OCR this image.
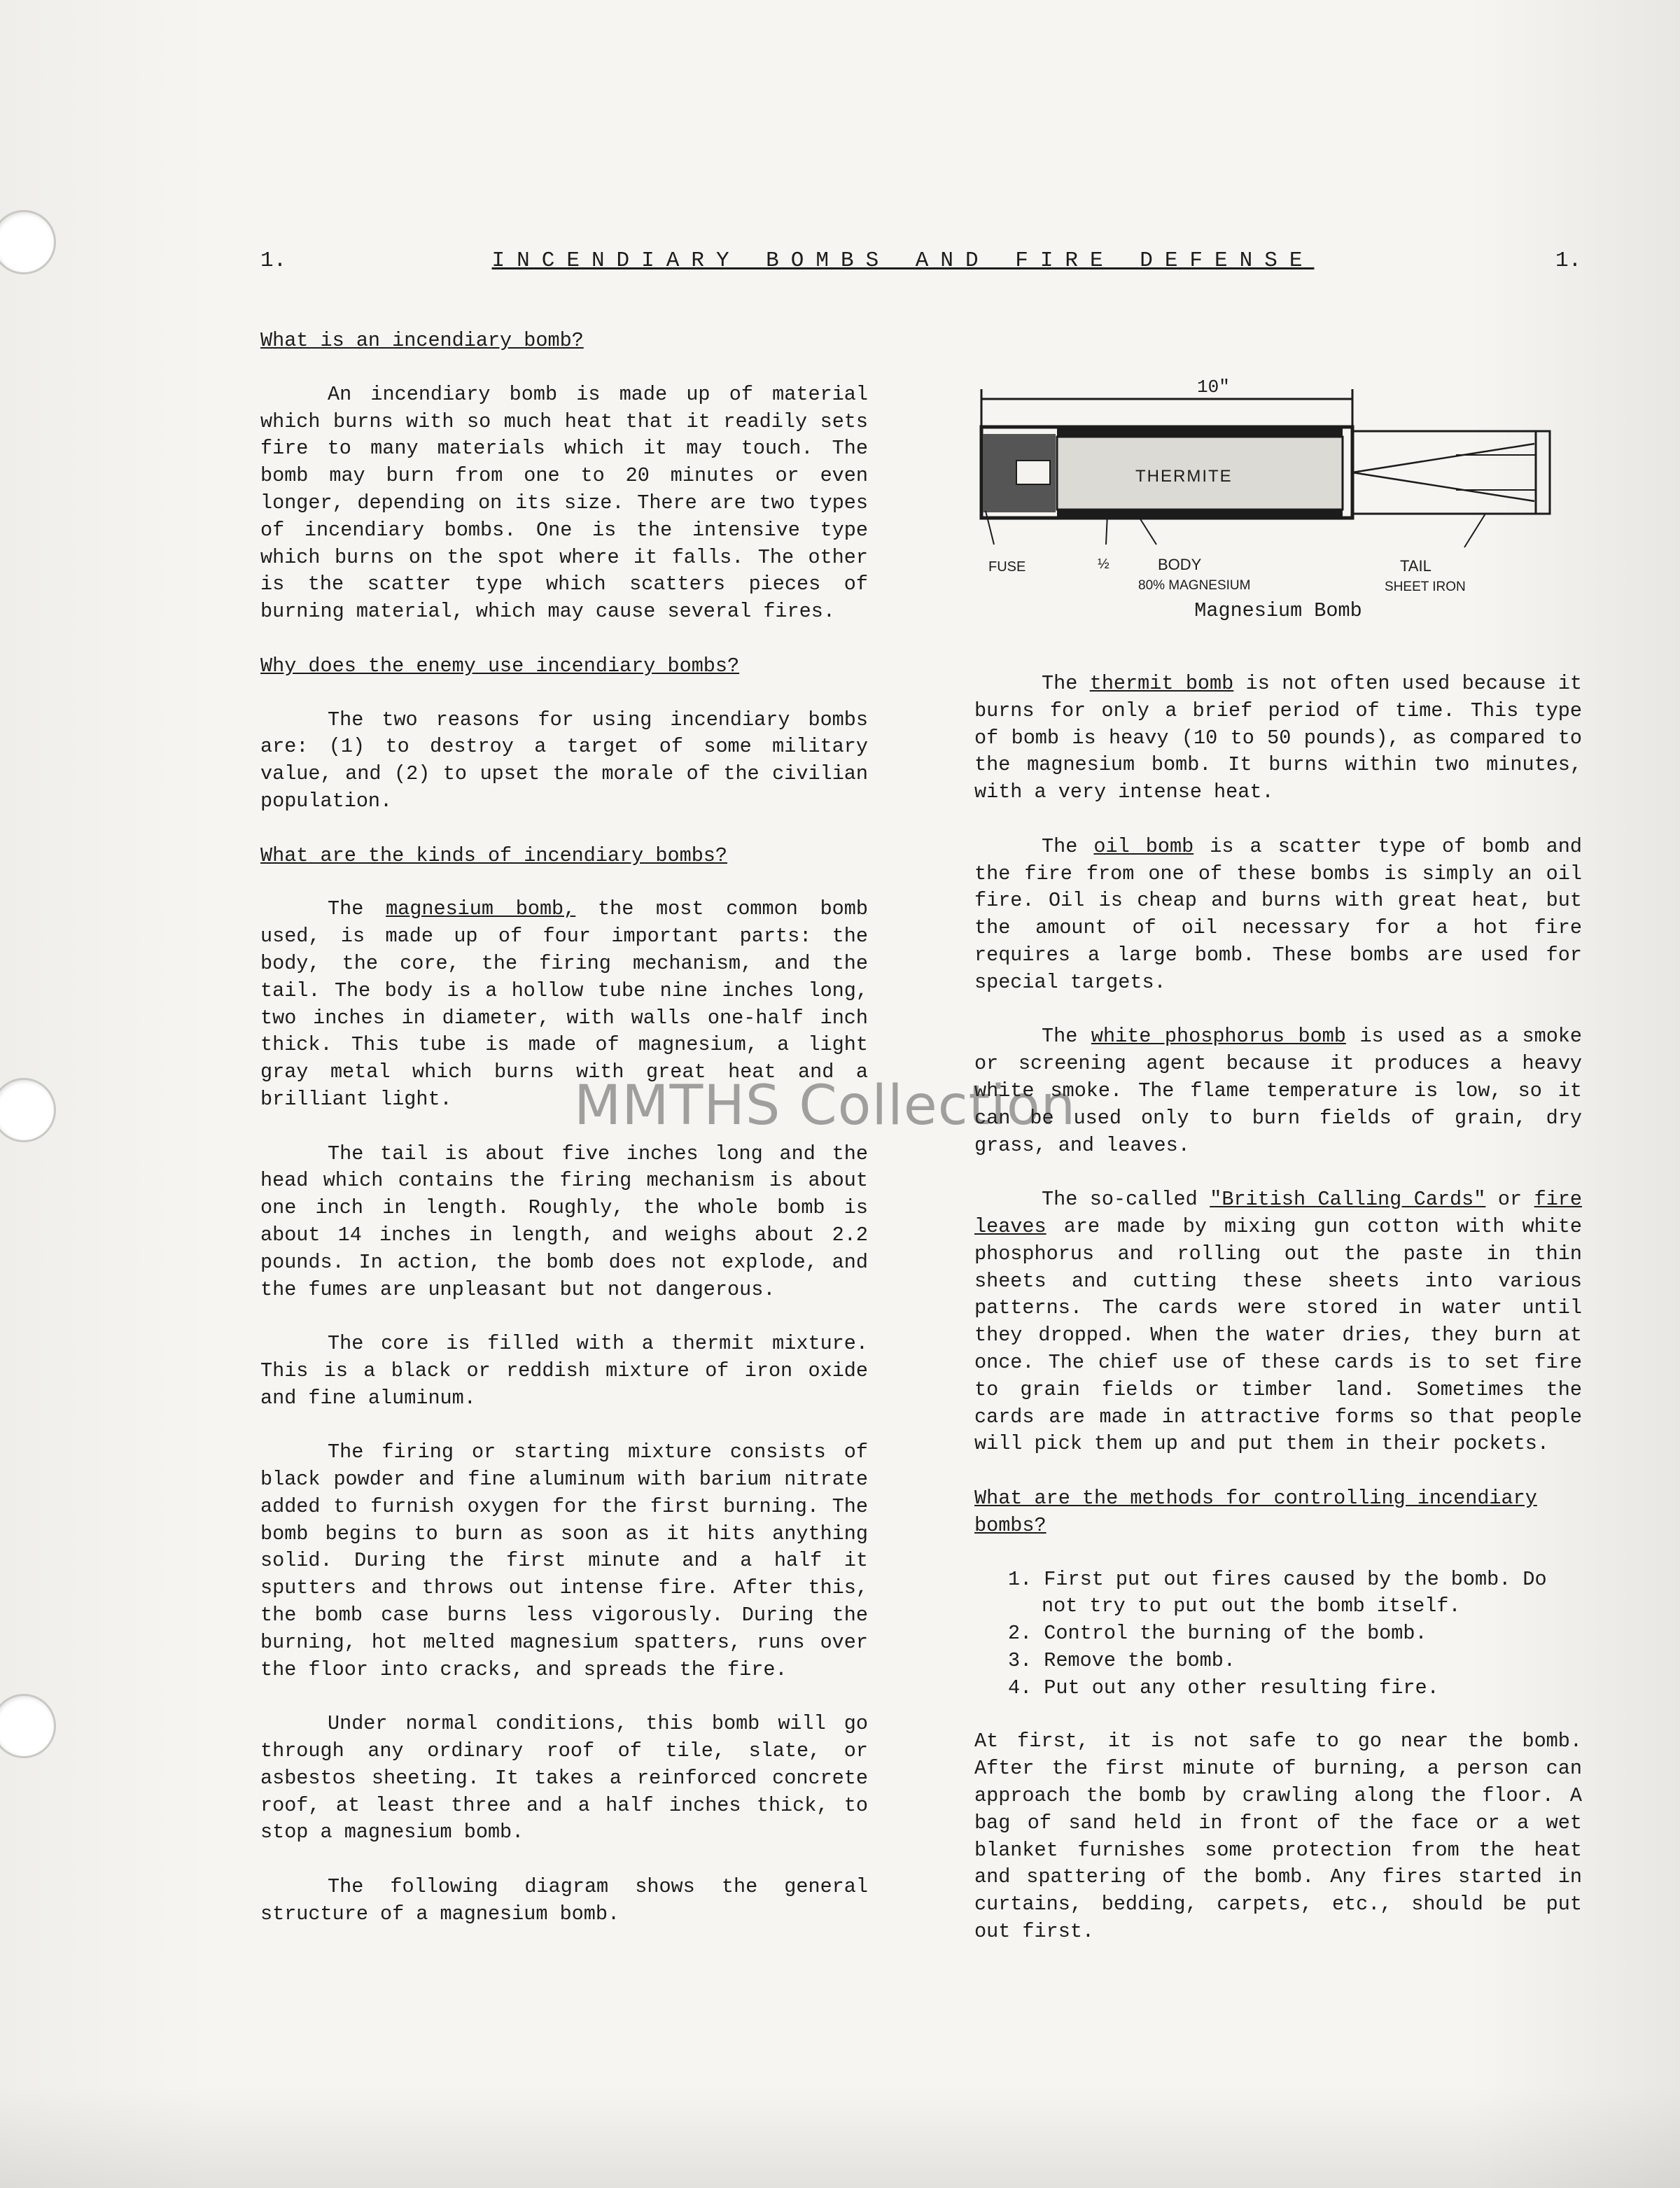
1.	INCENDIARY BOMBS AND FIRE DEFENSE	1.
What is an incendiary bomb?
An incendiary bomb is made up of material which burns with so much heat that it readily sets fire to many materials which it may touch. The bomb may burn from one to 20 minutes or even longer, depending on its size. There are two types of incendiary bombs. One is the intensive type which burns on the spot where it falls. The other is the scatter type which scatters pieces of burning material, which may cause several fires.
Why does the enemy use incendiary bombs?
The two reasons for using incendiary bombs are: (1) to destroy a target of some military value, and (2) to upset the morale of the civilian population.
What are the kinds of incendiary bombs?
The magnesium bomb, the most common bomb used, is made up of four important parts: the body, the core, the firing mechanism, and the tail. The body is a hollow tube nine inches long, two inches in diameter, with walls one-half inch thick. This tube is made of magnesium, a light gray metal which burns with great heat and a brilliant light.
The tail is about five inches long and the head which contains the firing mechanism is about one inch in length. Roughly, the whole bomb is about 14 inches in length, and weighs about 2.2 pounds. In action, the bomb does not explode, and the fumes are unpleasant but not dangerous.
The core is filled with a thermit mixture. This is a black or reddish mixture of iron oxide and fine aluminum.
The firing or starting mixture consists of black powder and fine aluminum with barium nitrate added to furnish oxygen for the first burning. The bomb begins to burn as soon as it hits anything solid. During the first minute and a half it sputters and throws out intense fire. After this, the bomb case burns less vigorously. During the burning, hot melted magnesium spatters, runs over the floor into cracks, and spreads the fire.
Under normal conditions, this bomb will go through any ordinary roof of tile, slate, or asbestos sheeting. It takes a reinforced concrete roof, at least three and a half inches thick, to stop a magnesium bomb.
The following diagram shows the general structure of a magnesium bomb.
10"
THERMITE
FUSE	½	BODY
80% MAGNESIUM
TAIL
SHEET IRON
Magnesium Bomb
The thermit bomb is not often used because it burns for only a brief period of time. This type of bomb is heavy (10 to 50 pounds), as compared to the magnesium bomb. It burns within two minutes, with a very intense heat.
The oil bomb is a scatter type of bomb and the fire from one of these bombs is simply an oil fire. Oil is cheap and burns with great heat, but the amount of oil necessary for a hot fire requires a large bomb. These bombs are used for special targets.
The white phosphorus bomb is used as a smoke or screening agent because it produces a heavy white smoke. The flame temperature is low, so it can be used only to burn fields of grain, dry grass, and leaves.
The so-called "British Calling Cards" or fire leaves are made by mixing gun cotton with white phosphorus and rolling out the paste in thin sheets and cutting these sheets into various patterns. The cards were stored in water until they dropped. When the water dries, they burn at once. The chief use of these cards is to set fire to grain fields or timber land. Sometimes the cards are made in attractive forms so that people will pick them up and put them in their pockets.
What are the methods for controlling incendiary bombs?
1. First put out fires caused by the bomb. Do not try to put out the bomb itself.
2. Control the burning of the bomb.
3. Remove the bomb.
4. Put out any other resulting fire.
At first, it is not safe to go near the bomb. After the first minute of burning, a person can approach the bomb by crawling along the floor. A bag of sand held in front of the face or a wet blanket furnishes some protection from the heat and spattering of the bomb. Any fires started in curtains, bedding, carpets, etc., should be put out first.
MMTHS Collection
